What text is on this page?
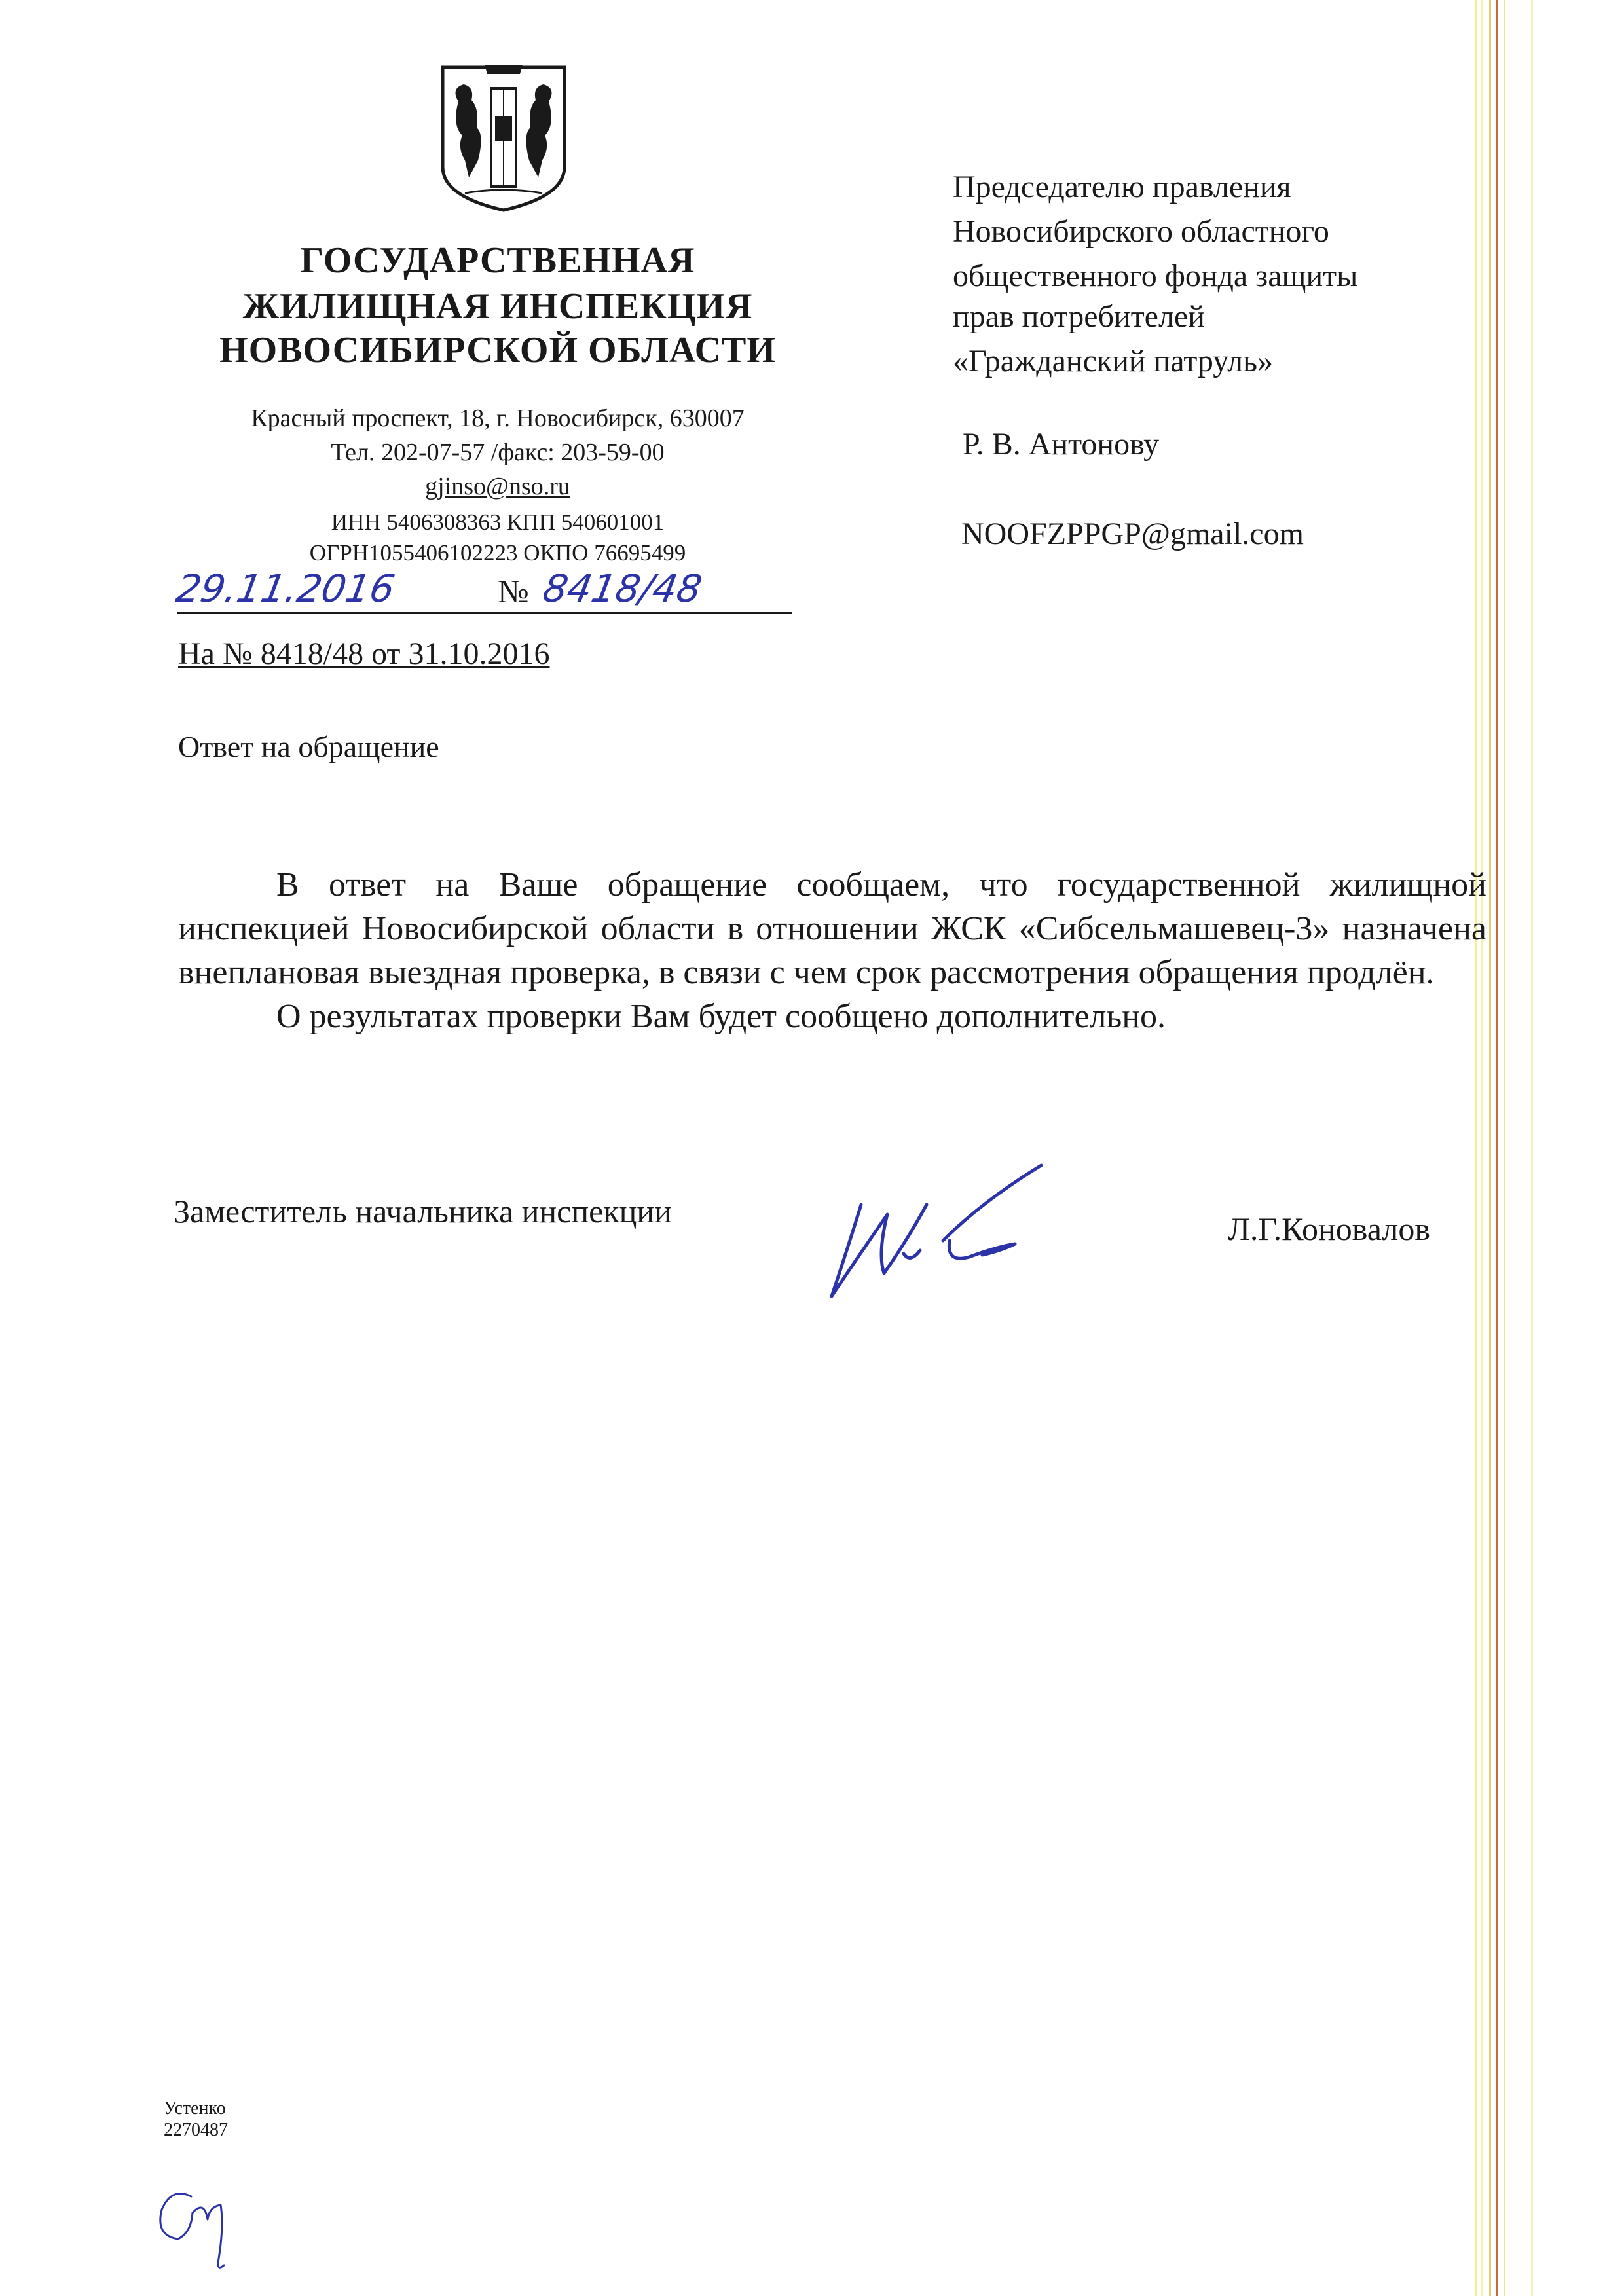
ГОСУДАРСТВЕННАЯ
ЖИЛИЩНАЯ ИНСПЕКЦИЯ
НОВОСИБИРСКОЙ ОБЛАСТИ
Красный проспект, 18, г. Новосибирск, 630007
Тел. 202-07-57 /факс: 203-59-00
gjinso@nso.ru
ИНН 5406308363 КПП 540601001
ОГРН1055406102223 ОКПО 76695499
29.11.2016	№ 8418/48
На № 8418/48 от 31.10.2016
Председателю правления
Новосибирского областного
общественного фонда защиты
прав потребителей
«Гражданский патруль»
Р. В. Антонову
NOOFZPPGP@gmail.com
Ответ на обращение

В ответ на Ваше обращение сообщаем, что государственной жилищной инспекцией Новосибирской области в отношении ЖСК «Сибсельмашевец-3» назначена внеплановая выездная проверка, в связи с чем срок рассмотрения обращения продлён.

О результатах проверки Вам будет сообщено дополнительно.

Заместитель начальника инспекции	Л.Г.Коновалов
Устенко
2270487
